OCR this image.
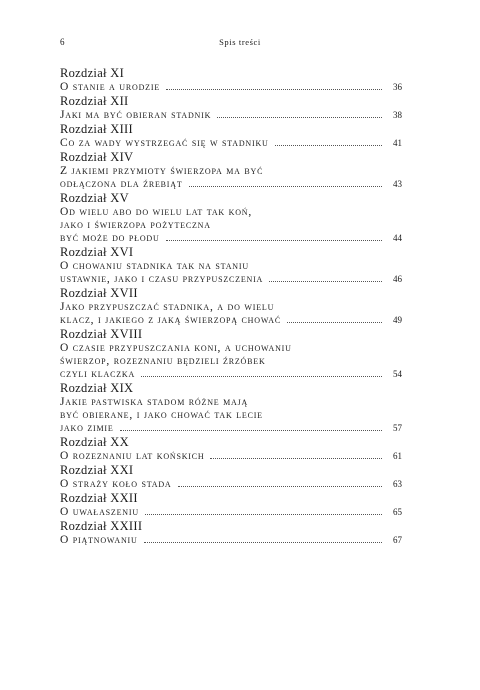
6	Spis treści
Rozdział XI
O stanie a urodzie	36
Rozdział XII
Jaki ma być obieran stadnik	38
Rozdział XIII
Co za wady wystrzegać się w stadniku	41
Rozdział XIV
Z jakiemi przymioty świerzopa ma być
odłączona dla źrebiąt	43
Rozdział XV
Od wielu abo do wielu lat tak koń,
jako i świerzopa pożyteczna
być może do płodu	44
Rozdział XVI
O chowaniu stadnika tak na staniu
ustawnie, jako i czasu przypuszczenia	46
Rozdział XVII
Jako przypuszczać stadnika, a do wielu
klacz, i jakiego z jaką świerzopą chować	49
Rozdział XVIII
O czasie przypuszczania koni, a uchowaniu
świerzop, rozeznaniu będzieli źrzóbek
czyli klaczka	54
Rozdział XIX
Jakie pastwiska stadom różne mają
być obierane, i jako chować tak lecie
jako zimie	57
Rozdział XX
O rozeznaniu lat końskich	61
Rozdział XXI
O straży koło stada	63
Rozdział XXII
O uwałaszeniu	65
Rozdział XXIII
O piątnowaniu	67
